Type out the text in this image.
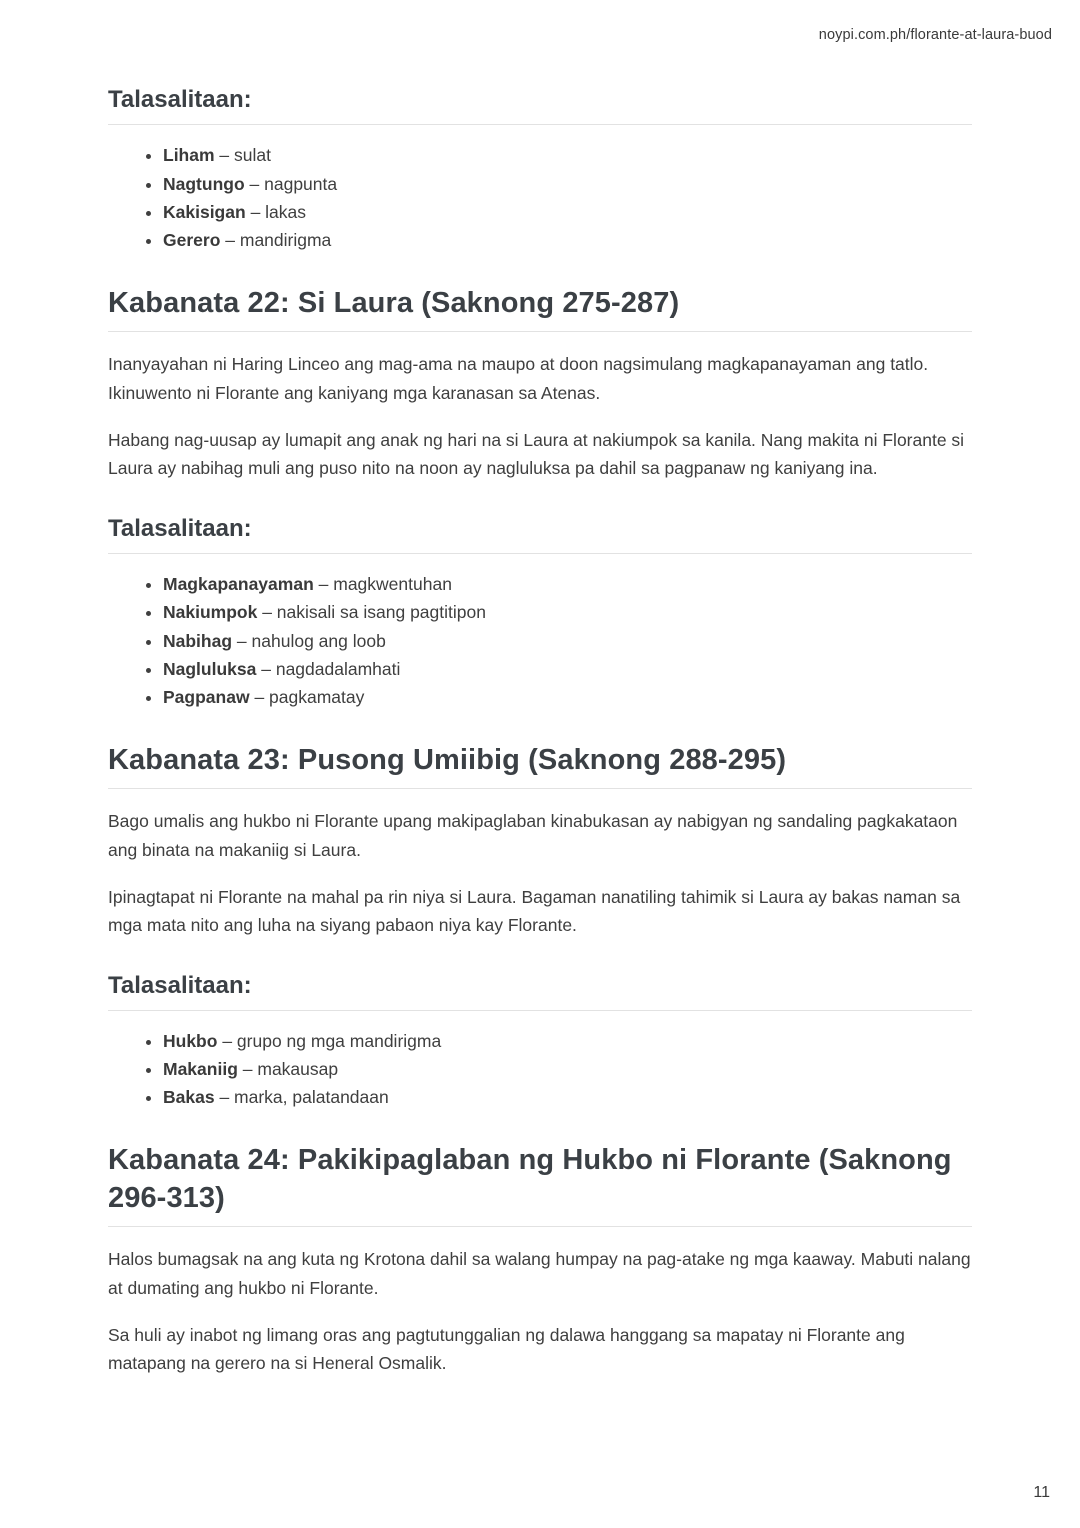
noypi.com.ph/florante-at-laura-buod
Talasalitaan:
• Liham – sulat
• Nagtungo – nagpunta
• Kakisigan – lakas
• Gerero – mandirigma
Kabanata 22: Si Laura (Saknong 275-287)

Inanyayahan ni Haring Linceo ang mag-ama na maupo at doon nagsimulang magkapanayaman ang tatlo. Ikinuwento ni Florante ang kaniyang mga karanasan sa Atenas.

Habang nag-uusap ay lumapit ang anak ng hari na si Laura at nakiumpok sa kanila. Nang makita ni Florante si Laura ay nabihag muli ang puso nito na noon ay nagluluksa pa dahil sa pagpanaw ng kaniyang ina.

Talasalitaan:
• Magkapanayaman – magkwentuhan
• Nakiumpok – nakisali sa isang pagtitipon
• Nabihag – nahulog ang loob
• Nagluluksa – nagdadalamhati
• Pagpanaw – pagkamatay
Kabanata 23: Pusong Umiibig (Saknong 288-295)

Bago umalis ang hukbo ni Florante upang makipaglaban kinabukasan ay nabigyan ng sandaling pagkakataon ang binata na makaniig si Laura.

Ipinagtapat ni Florante na mahal pa rin niya si Laura. Bagaman nanatiling tahimik si Laura ay bakas naman sa mga mata nito ang luha na siyang pabaon niya kay Florante.

Talasalitaan:
• Hukbo – grupo ng mga mandirigma
• Makaniig – makausap
• Bakas – marka, palatandaan
Kabanata 24: Pakikipaglaban ng Hukbo ni Florante (Saknong 296-313)

Halos bumagsak na ang kuta ng Krotona dahil sa walang humpay na pag-atake ng mga kaaway. Mabuti nalang at dumating ang hukbo ni Florante.

Sa huli ay inabot ng limang oras ang pagtutunggalian ng dalawa hanggang sa mapatay ni Florante ang matapang na gerero na si Heneral Osmalik.

11
